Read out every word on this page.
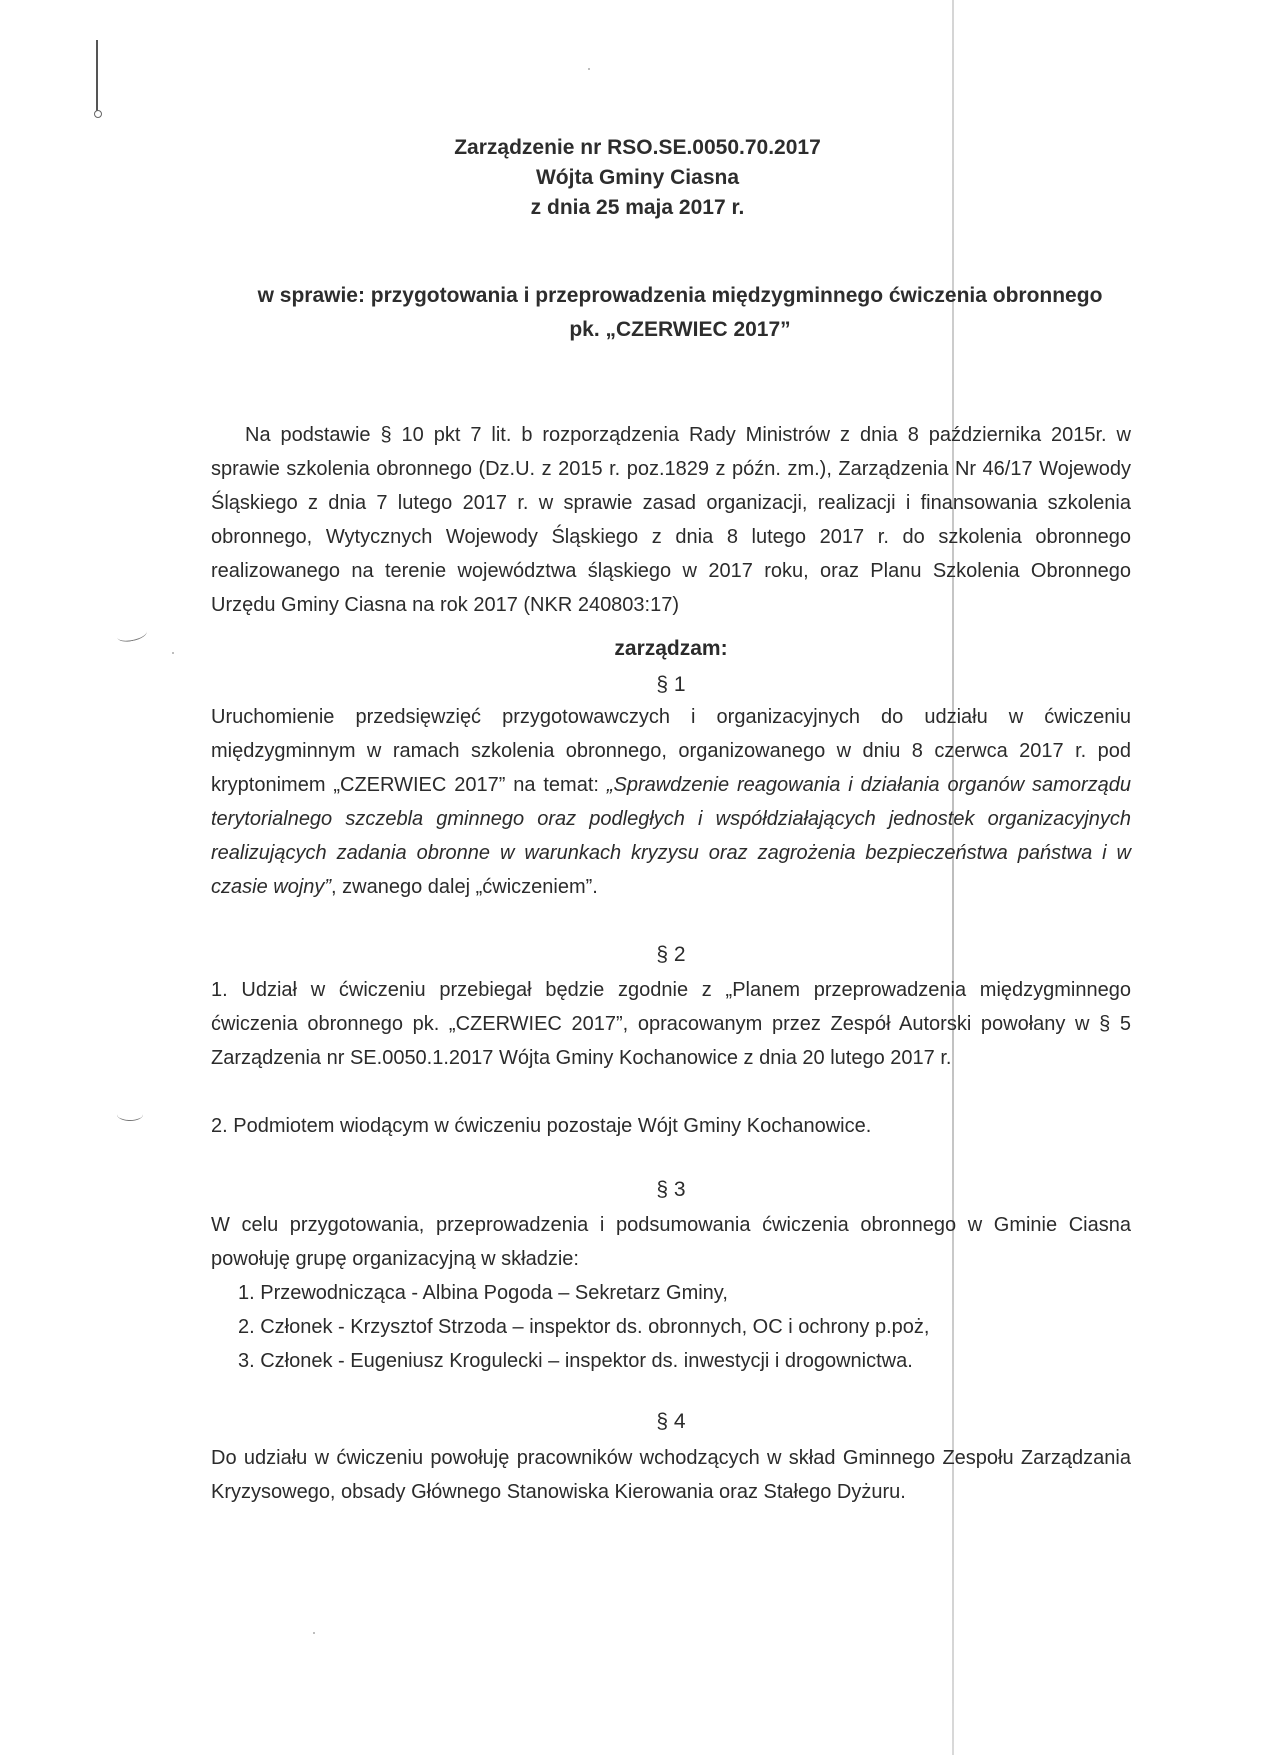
Zarządzenie nr RSO.SE.0050.70.2017
Wójta Gminy Ciasna
z dnia 25 maja 2017 r.
w sprawie: przygotowania i przeprowadzenia międzygminnego ćwiczenia obronnego
pk. „CZERWIEC 2017”

Na podstawie § 10 pkt 7 lit. b rozporządzenia Rady Ministrów z dnia 8 października 2015r. w sprawie szkolenia obronnego (Dz.U. z 2015 r. poz.1829 z późn. zm.), Zarządzenia Nr 46/17 Wojewody Śląskiego z dnia 7 lutego 2017 r. w sprawie zasad organizacji, realizacji i finansowania szkolenia obronnego, Wytycznych Wojewody Śląskiego z dnia 8 lutego 2017 r. do szkolenia obronnego realizowanego na terenie województwa śląskiego w 2017 roku, oraz Planu Szkolenia Obronnego Urzędu Gminy Ciasna na rok 2017 (NKR 240803:17)

zarządzam:

§ 1

Uruchomienie przedsięwzięć przygotowawczych i organizacyjnych do udziału w ćwiczeniu międzygminnym w ramach szkolenia obronnego, organizowanego w dniu 8 czerwca 2017 r. pod kryptonimem „CZERWIEC 2017” na temat: „Sprawdzenie reagowania i działania organów samorządu terytorialnego szczebla gminnego oraz podległych i współdziałających jednostek organizacyjnych realizujących zadania obronne w warunkach kryzysu oraz zagrożenia bezpieczeństwa państwa i w czasie wojny”, zwanego dalej „ćwiczeniem”.

§ 2

1. Udział w ćwiczeniu przebiegał będzie zgodnie z „Planem przeprowadzenia międzygminnego ćwiczenia obronnego pk. „CZERWIEC 2017”, opracowanym przez Zespół Autorski powołany w § 5 Zarządzenia nr SE.0050.1.2017 Wójta Gminy Kochanowice z dnia 20 lutego 2017 r.

2. Podmiotem wiodącym w ćwiczeniu pozostaje Wójt Gminy Kochanowice.

§ 3

W celu przygotowania, przeprowadzenia i podsumowania ćwiczenia obronnego w Gminie Ciasna powołuję grupę organizacyjną w składzie:

1. Przewodnicząca - Albina Pogoda – Sekretarz Gminy,
2. Członek - Krzysztof Strzoda – inspektor ds. obronnych, OC i ochrony p.poż,
3. Członek - Eugeniusz Krogulecki – inspektor ds. inwestycji i drogownictwa.

§ 4

Do udziału w ćwiczeniu powołuję pracowników wchodzących w skład Gminnego Zespołu Zarządzania Kryzysowego, obsady Głównego Stanowiska Kierowania oraz Stałego Dyżuru.
